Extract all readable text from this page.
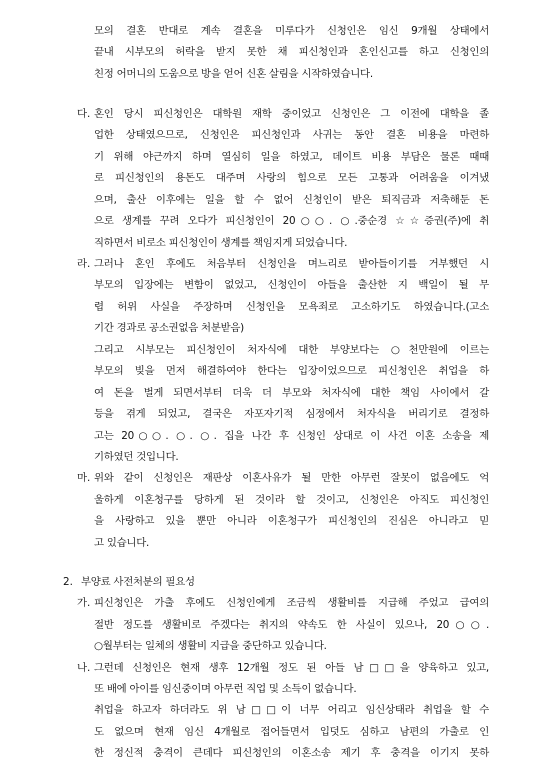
모의 결혼 반대로 계속 결혼을 미루다가 신청인은 임신 9개월 상태에서
끝내 시부모의 허락을 받지 못한 채 피신청인과 혼인신고를 하고 신청인의
친정 어머니의 도움으로 방을 얻어 신혼 살림을 시작하였습니다.
다. 혼인 당시 피신청인은 대학원 재학 중이었고 신청인은 그 이전에 대학을 졸
업한 상태였으므로, 신청인은 피신청인과 사귀는 동안 결혼 비용을 마련하
기 위해 야근까지 하며 열심히 일을 하였고, 데이트 비용 부담은 물론 때때
로 피신청인의 용돈도 대주며 사랑의 힘으로 모든 고통과 어려움을 이겨냈
으며, 출산 이후에는 일을 할 수 없어 신청인이 받은 퇴직금과 저축해둔 돈
으로 생계를 꾸려 오다가 피신청인이 20○○. ○.중순경 ☆☆증권(주)에 취
직하면서 비로소 피신청인이 생계를 책임지게 되었습니다.
라. 그러나 혼인 후에도 처음부터 신청인을 며느리로 받아들이기를 거부했던 시
부모의 입장에는 변함이 없었고, 신청인이 아들을 출산한 지 백일이 될 무
렵 허위 사실을 주장하며 신청인을 모욕죄로 고소하기도 하였습니다.(고소
기간 경과로 공소권없음 처분받음)
그리고 시부모는 피신청인이 처자식에 대한 부양보다는 ○천만원에 이르는
부모의 빚을 먼저 해결하여야 한다는 입장이었으므로 피신청인은 취업을 하
여 돈을 벌게 되면서부터 더욱 더 부모와 처자식에 대한 책임 사이에서 갈
등을 겪게 되었고, 결국은 자포자기적 심정에서 처자식을 버리기로 결정하
고는 20○○. ○. ○. 집을 나간 후 신청인 상대로 이 사건 이혼 소송을 제
기하였던 것입니다.
마. 위와 같이 신청인은 재판상 이혼사유가 될 만한 아무런 잘못이 없음에도 억
울하게 이혼청구를 당하게 된 것이라 할 것이고, 신청인은 아직도 피신청인
을 사랑하고 있을 뿐만 아니라 이혼청구가 피신청인의 진심은 아니라고 믿
고 있습니다.
2. 부양료 사전처분의 필요성
가. 피신청인은 가출 후에도 신청인에게 조금씩 생활비를 지급해 주었고 급여의
절반 정도를 생활비로 주겠다는 취지의 약속도 한 사실이 있으나, 20○○.
○월부터는 일체의 생활비 지급을 중단하고 있습니다.
나. 그런데 신청인은 현재 생후 12개월 정도 된 아들 남□□을 양육하고 있고,
또 배에 아이를 임신중이며 아무런 직업 및 소득이 없습니다.
취업을 하고자 하더라도 위 남□□이 너무 어리고 임신상태라 취업을 할 수
도 없으며 현재 임신 4개월로 접어들면서 입덧도 심하고 남편의 가출로 인
한 정신적 충격이 큰데다 피신청인의 이혼소송 제기 후 충격을 이기지 못하
